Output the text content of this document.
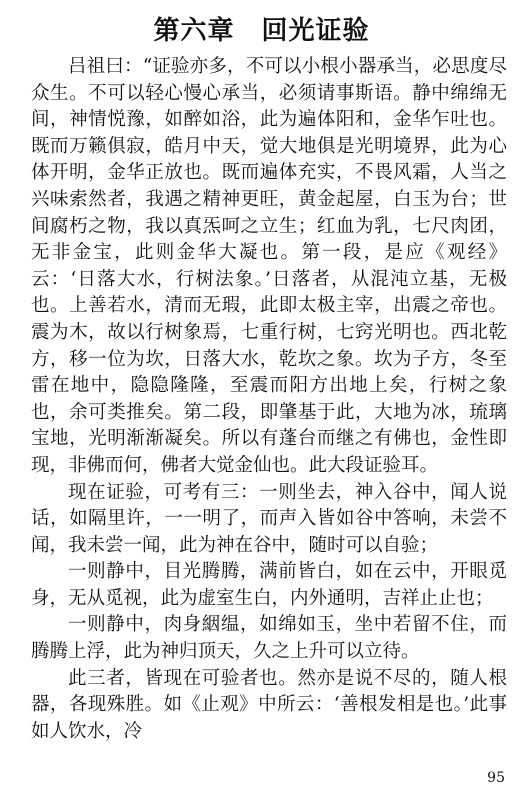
第六章　回光证验

吕祖曰：“证验亦多，不可以小根小器承当，必思度尽众生。不可以轻心慢心承当，必须请事斯语。静中绵绵无间，神情悦豫，如醉如浴，此为遍体阳和，金华乍吐也。既而万籁俱寂，皓月中天，觉大地俱是光明境界，此为心体开明，金华正放也。既而遍体充实，不畏风霜，人当之兴味索然者，我遇之精神更旺，黄金起屋，白玉为台；世间腐朽之物，我以真炁呵之立生；红血为乳，七尺肉团，无非金宝，此则金华大凝也。第一段，是应《观经》云：‘日落大水，行树法象。’日落者，从混沌立基，无极也。上善若水，清而无瑕，此即太极主宰，出震之帝也。震为木，故以行树象焉，七重行树，七窍光明也。西北乾方，移一位为坎，日落大水，乾坎之象。坎为子方，冬至雷在地中，隐隐隆隆，至震而阳方出地上矣，行树之象也，余可类推矣。第二段，即肇基于此，大地为冰，琉璃宝地，光明渐渐凝矣。所以有蓬台而继之有佛也，金性即现，非佛而何，佛者大觉金仙也。此大段证验耳。

现在证验，可考有三：一则坐去，神入谷中，闻人说话，如隔里许，一一明了，而声入皆如谷中答响，未尝不闻，我未尝一闻，此为神在谷中，随时可以自验；

一则静中，目光腾腾，满前皆白，如在云中，开眼觅身，无从觅视，此为虚室生白，内外通明，吉祥止止也；

一则静中，肉身絪缊，如绵如玉，坐中若留不住，而腾腾上浮，此为神归顶天，久之上升可以立待。

此三者，皆现在可验者也。然亦是说不尽的，随人根器，各现殊胜。如《止观》中所云：‘善根发相是也。’此事如人饮水，冷

95
